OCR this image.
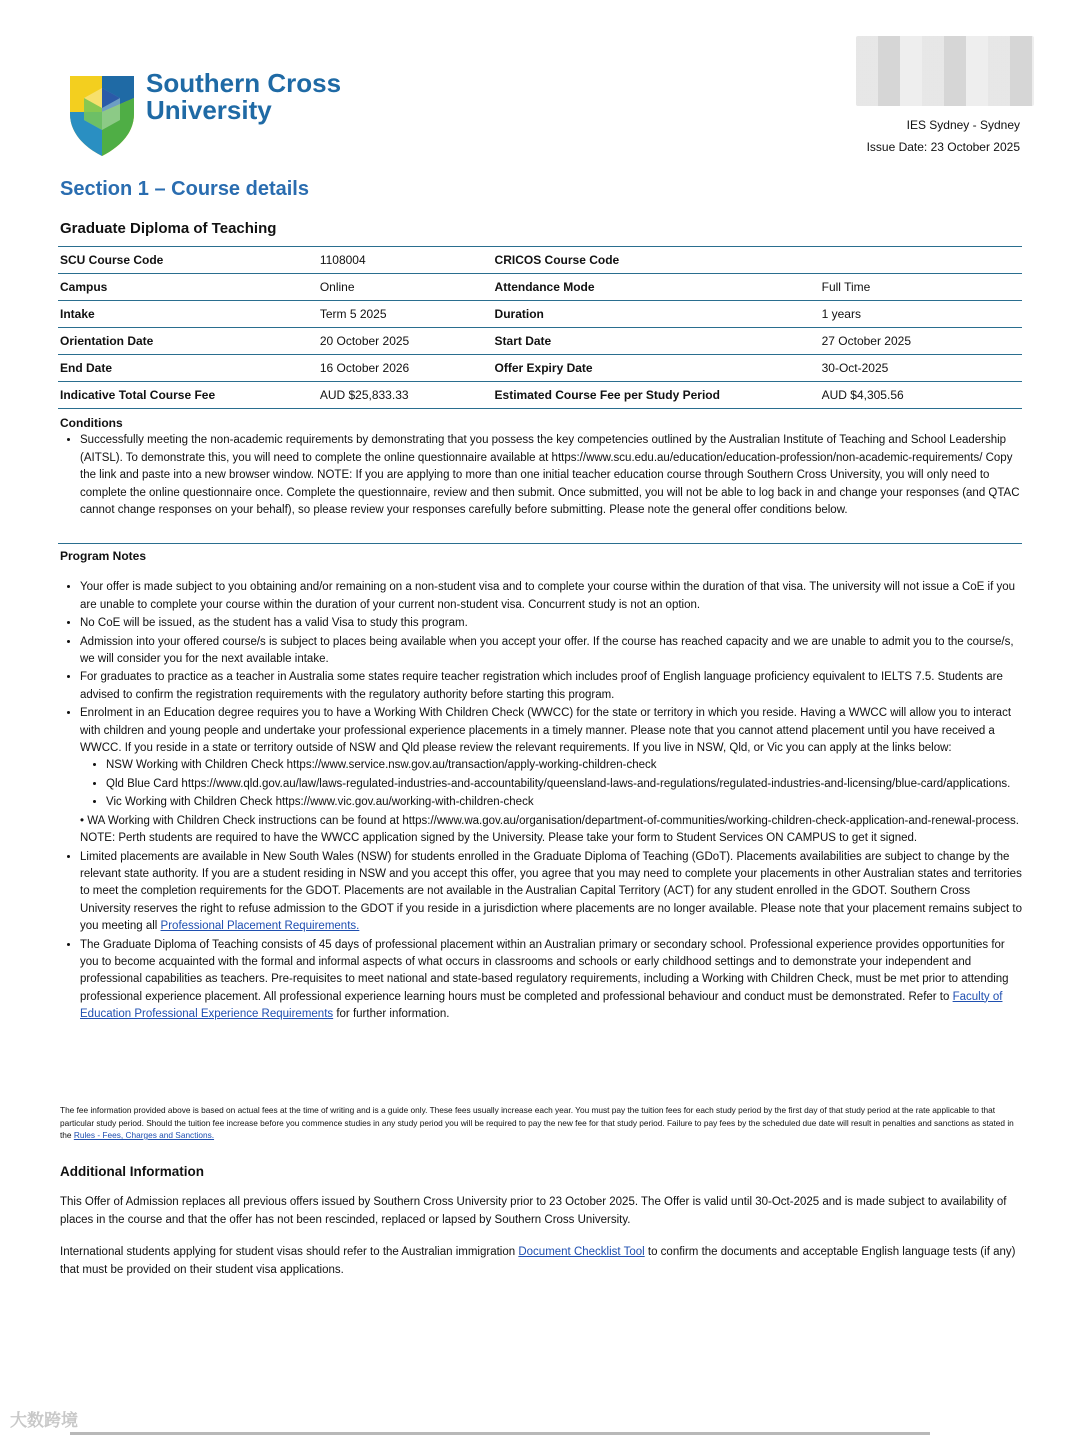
Southern Cross
University	IES Sydney - Sydney
Issue Date: 23 October 2025
Section 1 – Course details
Graduate Diploma of Teaching
SCU Course Code	1108004	CRICOS Course Code	
Campus	Online	Attendance Mode	Full Time
Intake	Term 5 2025	Duration	1 years
Orientation Date	20 October 2025	Start Date	27 October 2025
End Date	16 October 2026	Offer Expiry Date	30-Oct-2025
Indicative Total Course Fee	AUD $25,833.33	Estimated Course Fee per Study Period	AUD $4,305.56
Conditions
• Successfully meeting the non-academic requirements by demonstrating that you possess the key competencies outlined by the Australian Institute of Teaching and School Leadership (AITSL). To demonstrate this, you will need to complete the online questionnaire available at https://www.scu.edu.au/education/education-profession/non-academic-requirements/ Copy the link and paste into a new browser window. NOTE: If you are applying to more than one initial teacher education course through Southern Cross University, you will only need to complete the online questionnaire once. Complete the questionnaire, review and then submit. Once submitted, you will not be able to log back in and change your responses (and QTAC cannot change responses on your behalf), so please review your responses carefully before submitting. Please note the general offer conditions below.
Program Notes
• Your offer is made subject to you obtaining and/or remaining on a non-student visa and to complete your course within the duration of that visa. The university will not issue a CoE if you are unable to complete your course within the duration of your current non-student visa. Concurrent study is not an option.
• No CoE will be issued, as the student has a valid Visa to study this program.
• Admission into your offered course/s is subject to places being available when you accept your offer. If the course has reached capacity and we are unable to admit you to the course/s, we will consider you for the next available intake.
• For graduates to practice as a teacher in Australia some states require teacher registration which includes proof of English language proficiency equivalent to IELTS 7.5. Students are advised to confirm the registration requirements with the regulatory authority before starting this program.
• Enrolment in an Education degree requires you to have a Working With Children Check (WWCC) for the state or territory in which you reside. Having a WWCC will allow you to interact with children and young people and undertake your professional experience placements in a timely manner. Please note that you cannot attend placement until you have received a WWCC. If you reside in a state or territory outside of NSW and Qld please review the relevant requirements. If you live in NSW, Qld, or Vic you can apply at the links below:
• NSW Working with Children Check https://www.service.nsw.gov.au/transaction/apply-working-children-check
• Qld Blue Card https://www.qld.gov.au/law/laws-regulated-industries-and-accountability/queensland-laws-and-regulations/regulated-industries-and-licensing/blue-card/applications.
• Vic Working with Children Check https://www.vic.gov.au/working-with-children-check
• WA Working with Children Check instructions can be found at https://www.wa.gov.au/organisation/department-of-communities/working-children-check-application-and-renewal-process. NOTE: Perth students are required to have the WWCC application signed by the University. Please take your form to Student Services ON CAMPUS to get it signed.
• Limited placements are available in New South Wales (NSW) for students enrolled in the Graduate Diploma of Teaching (GDoT). Placements availabilities are subject to change by the relevant state authority. If you are a student residing in NSW and you accept this offer, you agree that you may need to complete your placements in other Australian states and territories to meet the completion requirements for the GDOT. Placements are not available in the Australian Capital Territory (ACT) for any student enrolled in the GDOT. Southern Cross University reserves the right to refuse admission to the GDOT if you reside in a jurisdiction where placements are no longer available. Please note that your placement remains subject to you meeting all Professional Placement Requirements.
• The Graduate Diploma of Teaching consists of 45 days of professional placement within an Australian primary or secondary school. Professional experience provides opportunities for you to become acquainted with the formal and informal aspects of what occurs in classrooms and schools or early childhood settings and to demonstrate your independent and professional capabilities as teachers. Pre-requisites to meet national and state-based regulatory requirements, including a Working with Children Check, must be met prior to attending professional experience placement. All professional experience learning hours must be completed and professional behaviour and conduct must be demonstrated. Refer to Faculty of Education Professional Experience Requirements for further information.
The fee information provided above is based on actual fees at the time of writing and is a guide only. These fees usually increase each year. You must pay the tuition fees for each study period by the first day of that study period at the rate applicable to that particular study period. Should the tuition fee increase before you commence studies in any study period you will be required to pay the new fee for that study period. Failure to pay fees by the scheduled due date will result in penalties and sanctions as stated in the Rules - Fees, Charges and Sanctions.
Additional Information
This Offer of Admission replaces all previous offers issued by Southern Cross University prior to 23 October 2025. The Offer is valid until 30-Oct-2025 and is made subject to availability of places in the course and that the offer has not been rescinded, replaced or lapsed by Southern Cross University.
International students applying for student visas should refer to the Australian immigration Document Checklist Tool to confirm the documents and acceptable English language tests (if any) that must be provided on their student visa applications.
大数跨境
